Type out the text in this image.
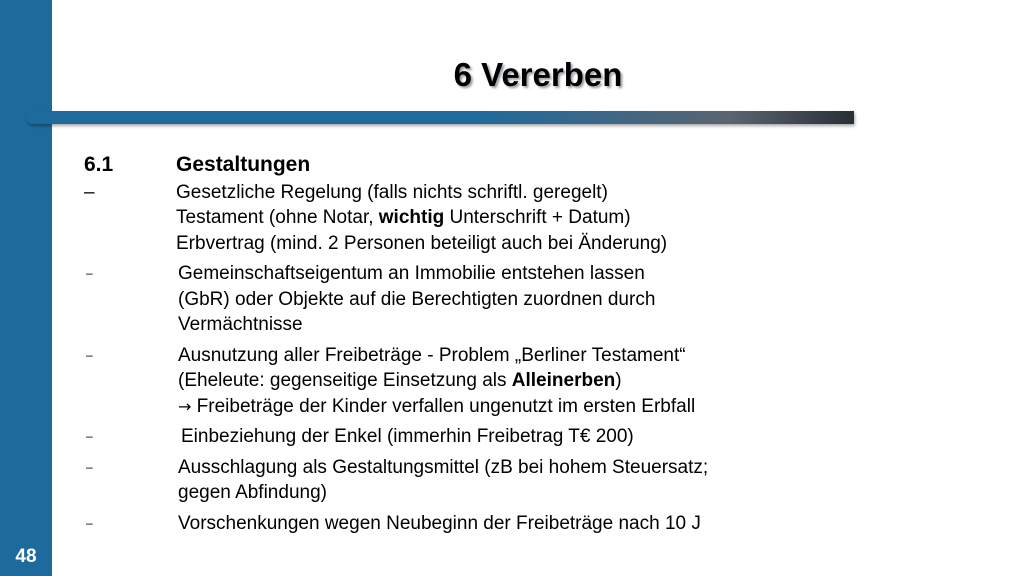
48
6 Vererben
6.1	Gestaltungen
–	Gesetzliche Regelung (falls nichts schriftl. geregelt)
Testament (ohne Notar, wichtig Unterschrift + Datum)
Erbvertrag (mind. 2 Personen beteiligt auch bei Änderung)
–	Gemeinschaftseigentum an Immobilie entstehen lassen
(GbR) oder Objekte auf die Berechtigten zuordnen durch
Vermächtnisse
–	Ausnutzung aller Freibeträge - Problem „Berliner Testament“
(Eheleute: gegenseitige Einsetzung als Alleinerben)
→ Freibeträge der Kinder verfallen ungenutzt im ersten Erbfall
–	Einbeziehung der Enkel (immerhin Freibetrag T€ 200)
–	Ausschlagung als Gestaltungsmittel (zB bei hohem Steuersatz;
gegen Abfindung)
–	Vorschenkungen wegen Neubeginn der Freibeträge nach 10 J
